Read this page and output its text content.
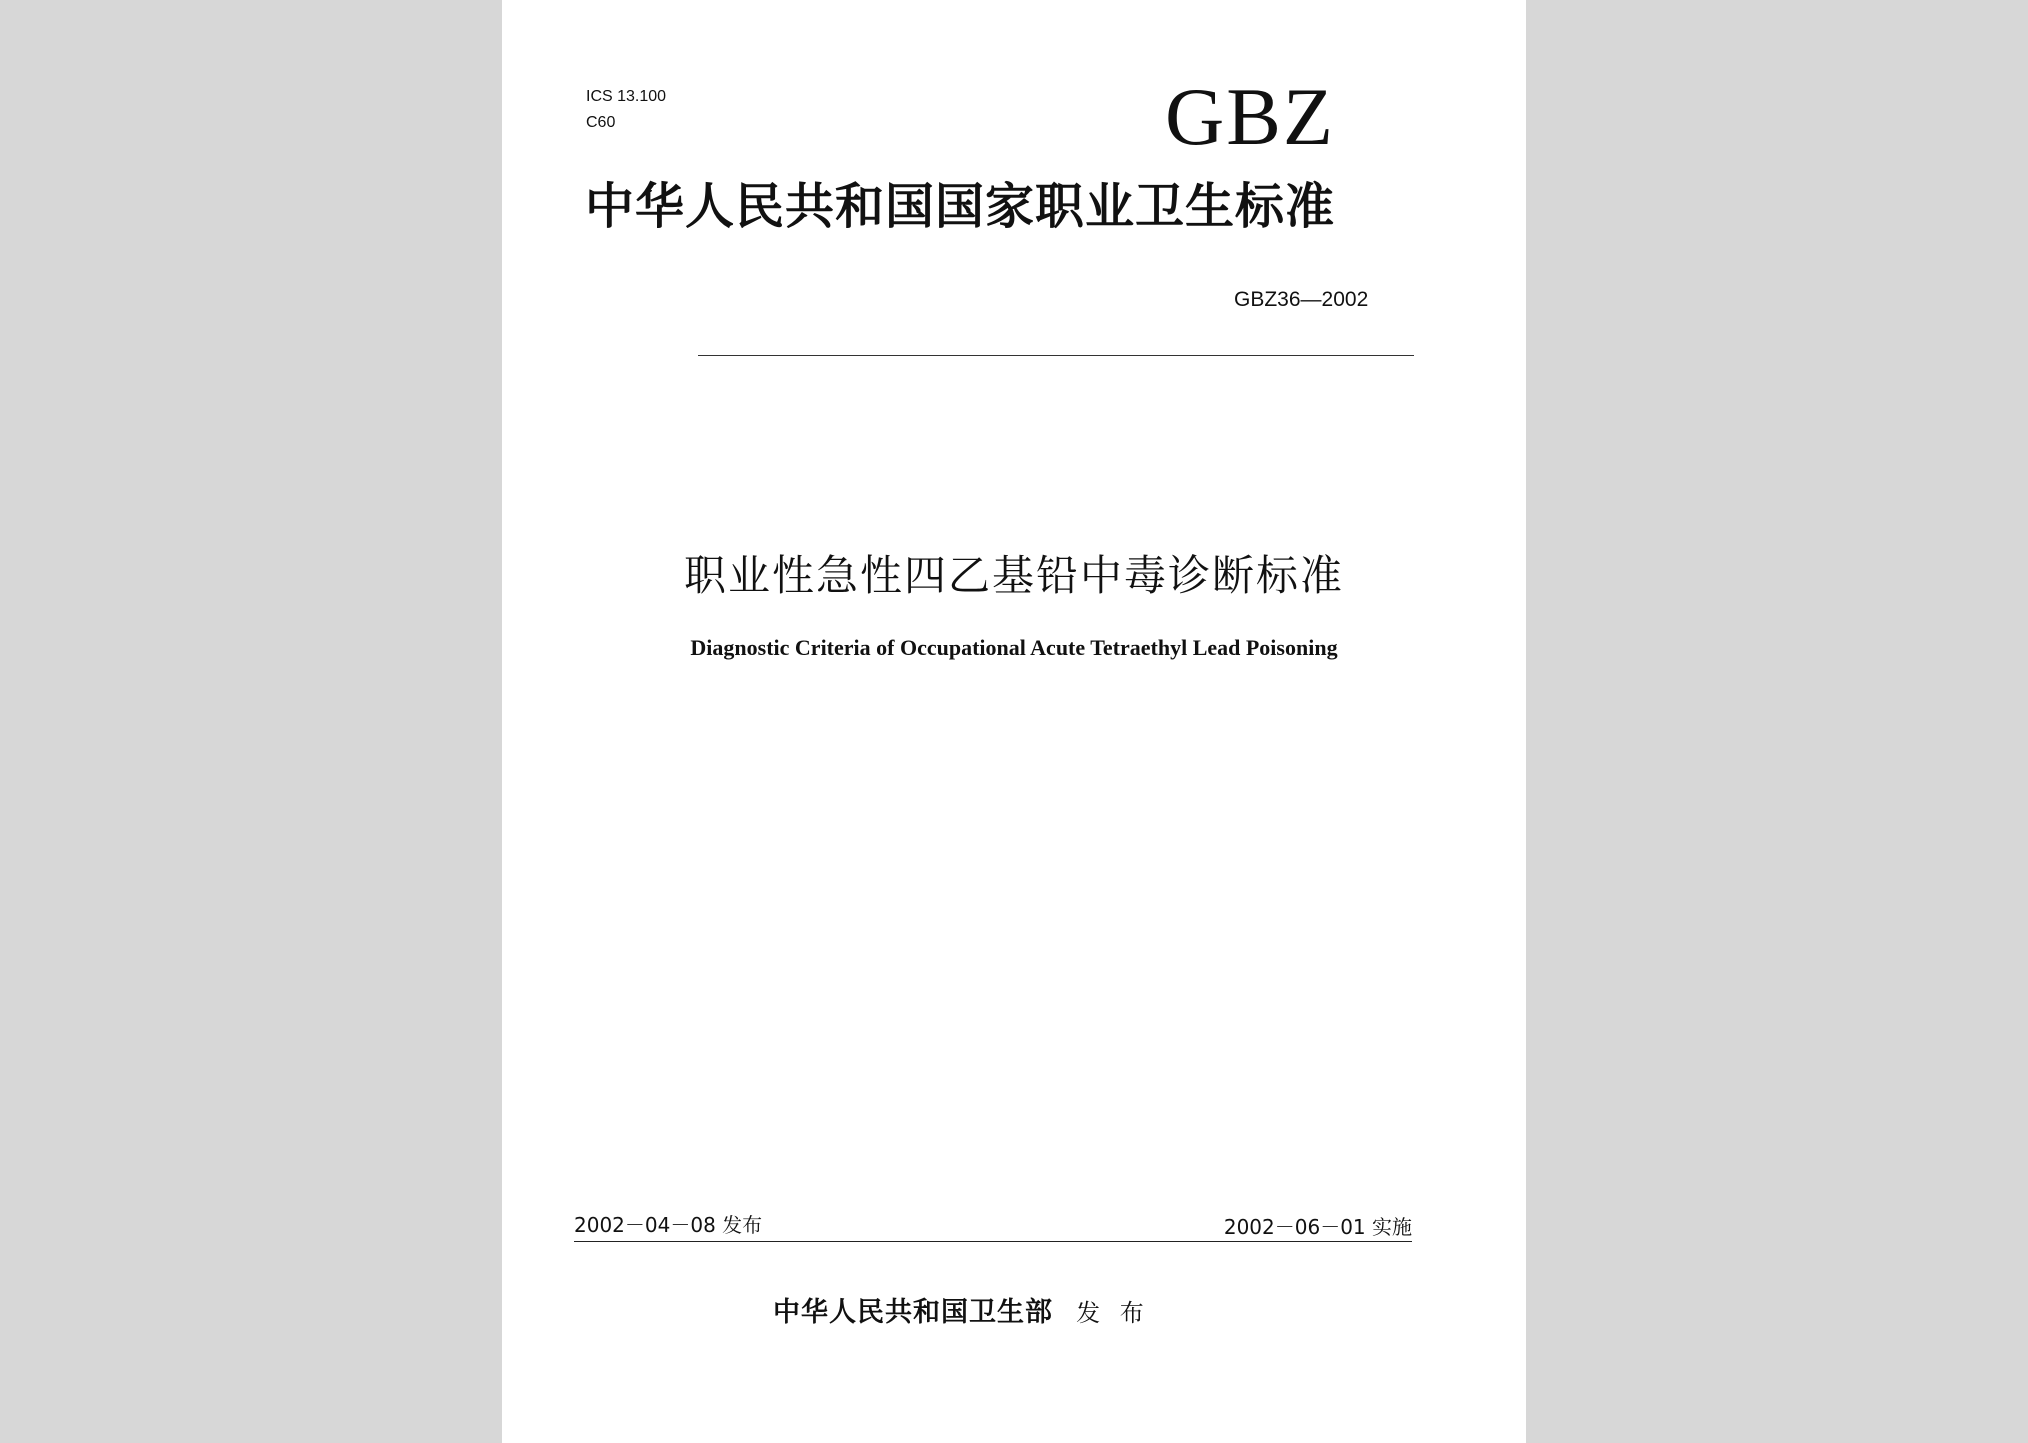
ICS 13.100
C60	GBZ
中华人民共和国国家职业卫生标准
GBZ36—2002
职业性急性四乙基铅中毒诊断标准
Diagnostic Criteria of Occupational Acute Tetraethyl Lead Poisoning
2002－04－08 发布	2002－06－01 实施
中华人民共和国卫生部 发 布
